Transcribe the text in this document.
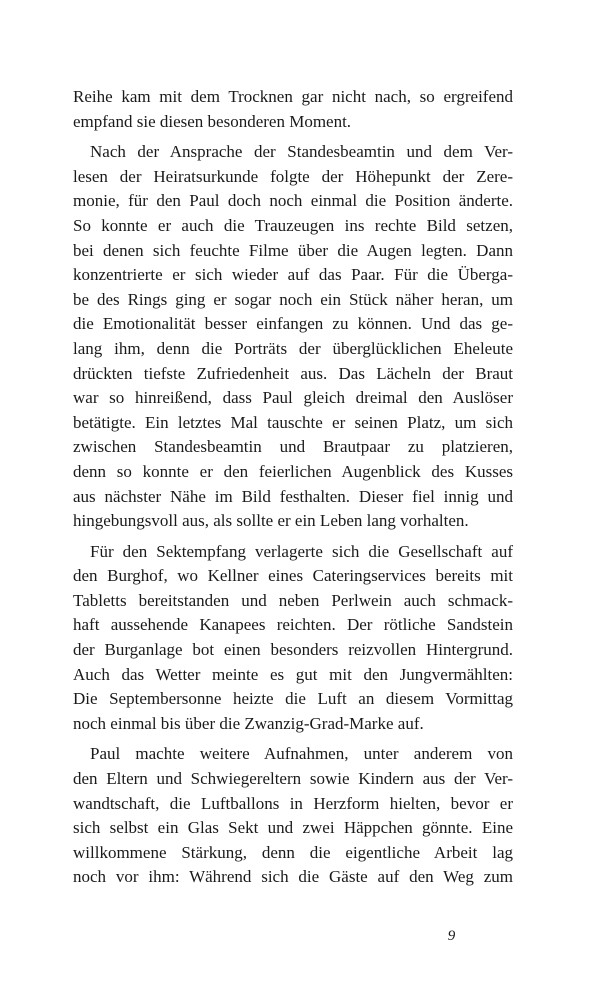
Reihe kam mit dem Trocknen gar nicht nach, so ergreifend
empfand sie diesen besonderen Moment.
Nach der Ansprache der Standesbeamtin und dem Ver-
lesen der Heiratsurkunde folgte der Höhepunkt der Zere-
monie, für den Paul doch noch einmal die Position änderte.
So konnte er auch die Trauzeugen ins rechte Bild setzen,
bei denen sich feuchte Filme über die Augen legten. Dann
konzentrierte er sich wieder auf das Paar. Für die Überga-
be des Rings ging er sogar noch ein Stück näher heran, um
die Emotionalität besser einfangen zu können. Und das ge-
lang ihm, denn die Porträts der überglücklichen Eheleute
drückten tiefste Zufriedenheit aus. Das Lächeln der Braut
war so hinreißend, dass Paul gleich dreimal den Auslöser
betätigte. Ein letztes Mal tauschte er seinen Platz, um sich
zwischen Standesbeamtin und Brautpaar zu platzieren,
denn so konnte er den feierlichen Augenblick des Kusses
aus nächster Nähe im Bild festhalten. Dieser fiel innig und
hingebungsvoll aus, als sollte er ein Leben lang vorhalten.
Für den Sektempfang verlagerte sich die Gesellschaft auf
den Burghof, wo Kellner eines Cateringservices bereits mit
Tabletts bereitstanden und neben Perlwein auch schmack-
haft aussehende Kanapees reichten. Der rötliche Sandstein
der Burganlage bot einen besonders reizvollen Hintergrund.
Auch das Wetter meinte es gut mit den Jungvermählten:
Die Septembersonne heizte die Luft an diesem Vormittag
noch einmal bis über die Zwanzig-Grad-Marke auf.
Paul machte weitere Aufnahmen, unter anderem von
den Eltern und Schwiegereltern sowie Kindern aus der Ver-
wandtschaft, die Luftballons in Herzform hielten, bevor er
sich selbst ein Glas Sekt und zwei Häppchen gönnte. Eine
willkommene Stärkung, denn die eigentliche Arbeit lag
noch vor ihm: Während sich die Gäste auf den Weg zum
9
